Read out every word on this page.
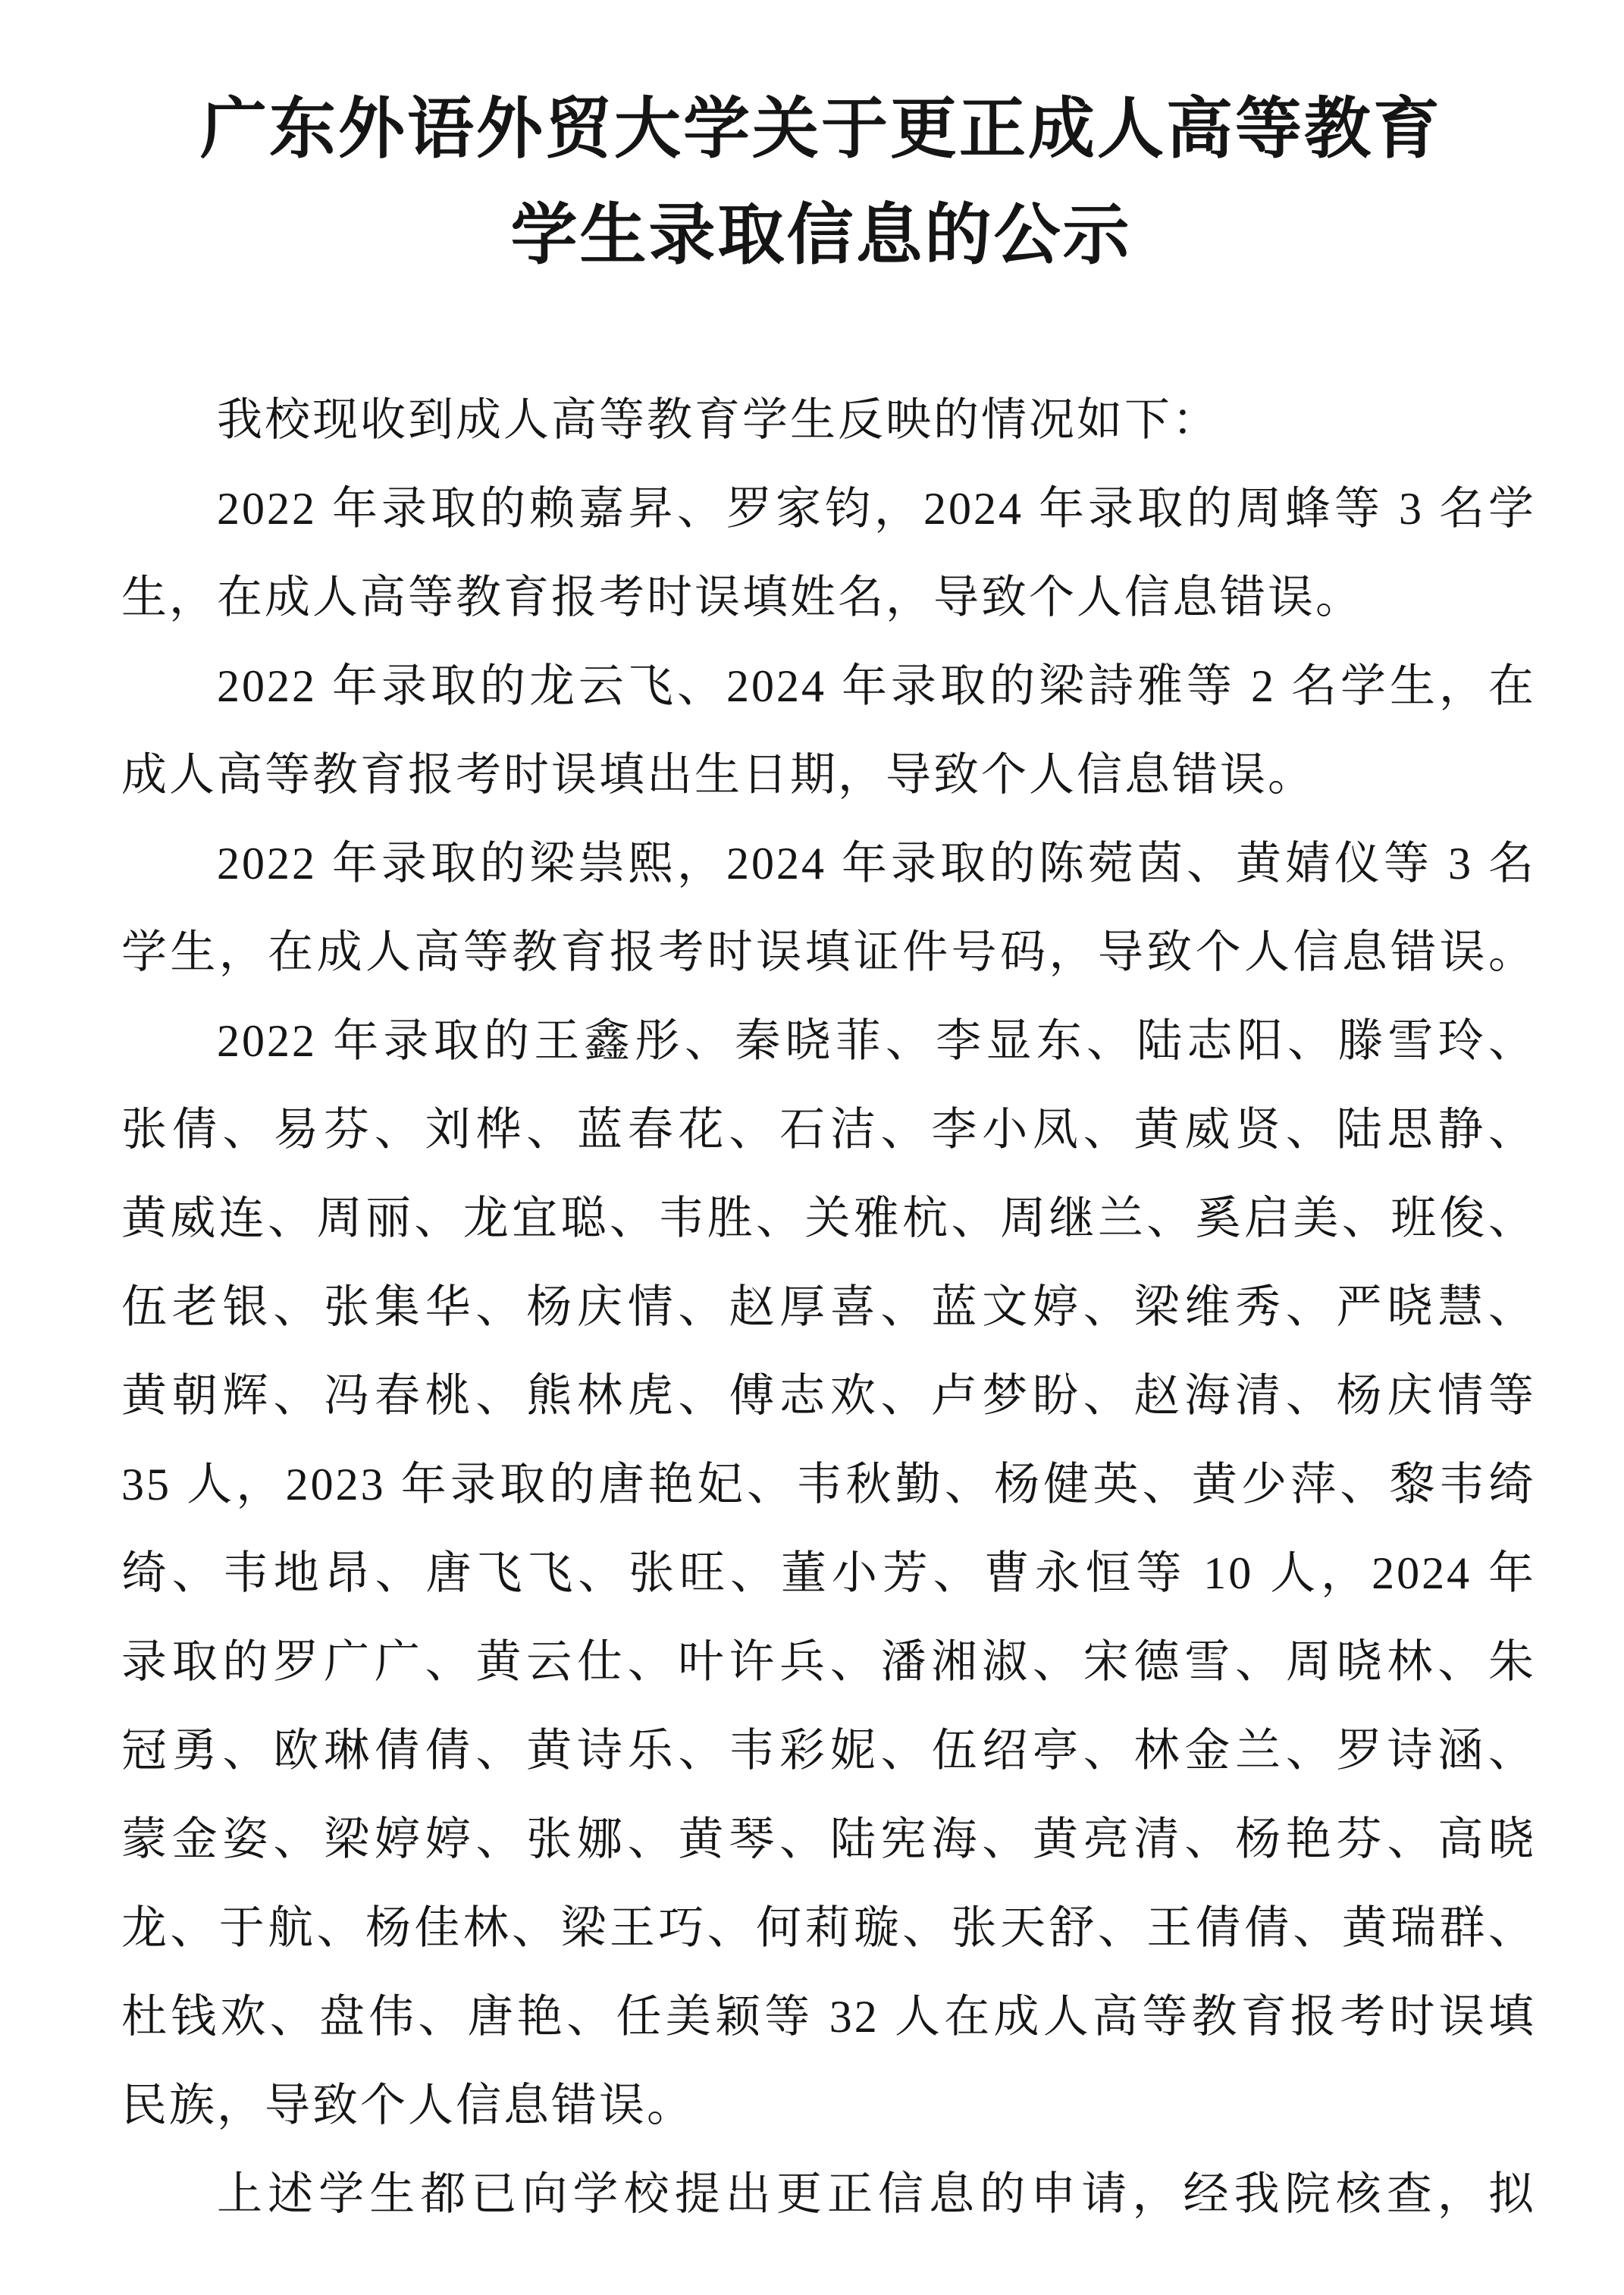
广东外语外贸大学关于更正成人高等教育
学生录取信息的公示
我校现收到成人高等教育学生反映的情况如下：
2022 年录取的赖嘉昇、罗家钧，2024 年录取的周蜂等 3 名学
生，在成人高等教育报考时误填姓名，导致个人信息错误。
2022 年录取的龙云飞、2024 年录取的梁詩雅等 2 名学生，在
成人高等教育报考时误填出生日期，导致个人信息错误。
2022 年录取的梁祟熙，2024 年录取的陈菀茵、黄婧仪等 3 名
学生，在成人高等教育报考时误填证件号码，导致个人信息错误。
2022 年录取的王鑫彤、秦晓菲、李显东、陆志阳、滕雪玲、
张倩、易芬、刘桦、蓝春花、石洁、李小凤、黄威贤、陆思静、
黄威连、周丽、龙宜聪、韦胜、关雅杭、周继兰、奚启美、班俊、
伍老银、张集华、杨庆情、赵厚喜、蓝文婷、梁维秀、严晓慧、
黄朝辉、冯春桃、熊林虎、傅志欢、卢梦盼、赵海清、杨庆情等
35 人，2023 年录取的唐艳妃、韦秋勤、杨健英、黄少萍、黎韦绮
绮、韦地昂、唐飞飞、张旺、董小芳、曹永恒等 10 人，2024 年
录取的罗广广、黄云仕、叶许兵、潘湘淑、宋德雪、周晓林、朱
冠勇、欧琳倩倩、黄诗乐、韦彩妮、伍绍亭、林金兰、罗诗涵、
蒙金姿、梁婷婷、张娜、黄琴、陆宪海、黄亮清、杨艳芬、高晓
龙、于航、杨佳林、梁王巧、何莉璇、张天舒、王倩倩、黄瑞群、
杜钱欢、盘伟、唐艳、任美颖等 32 人在成人高等教育报考时误填
民族，导致个人信息错误。
上述学生都已向学校提出更正信息的申请，经我院核查，拟
